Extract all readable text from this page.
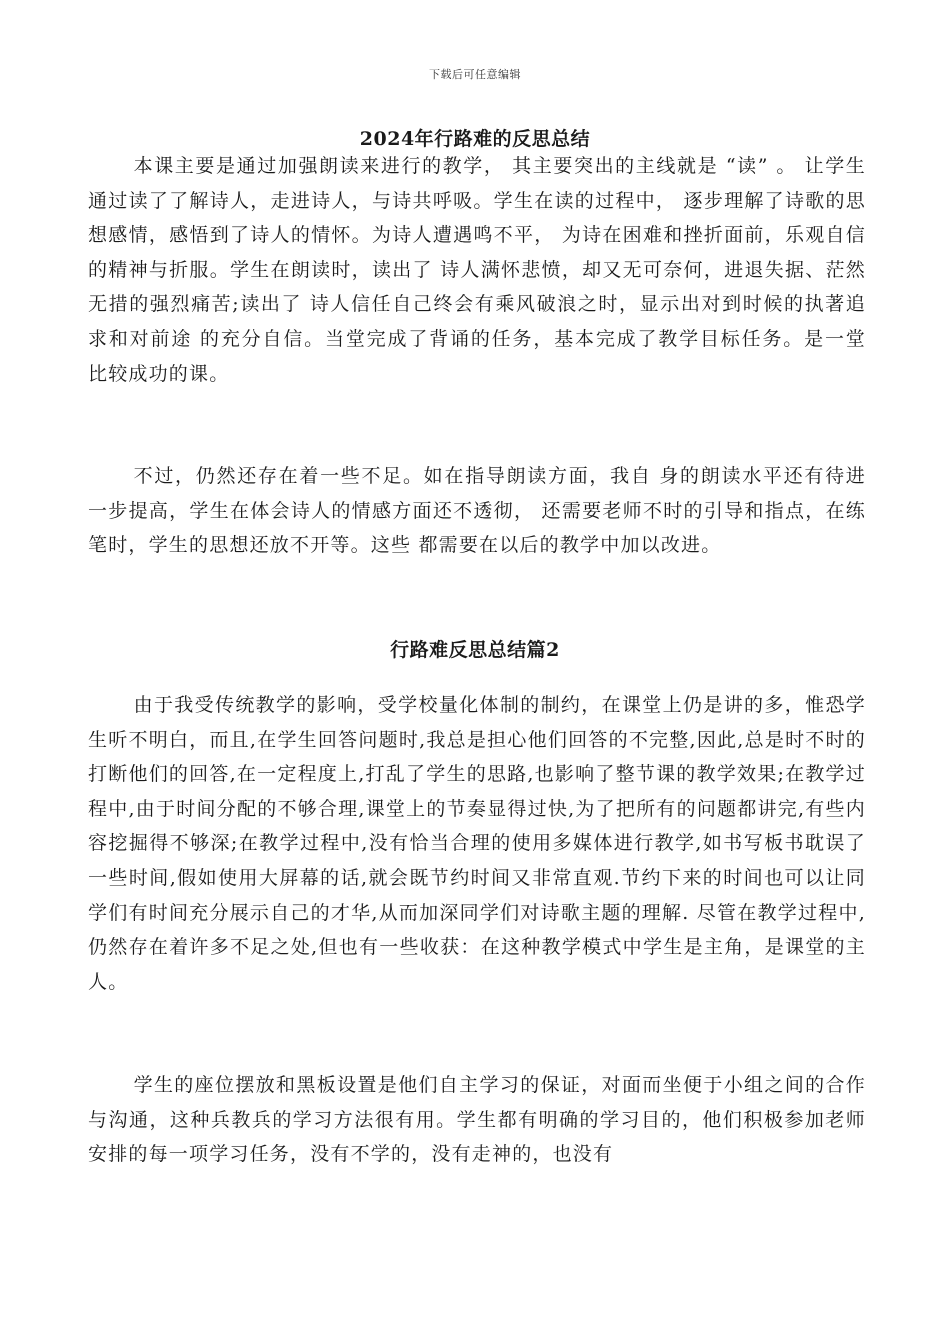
下载后可任意编辑
2024年行路难的反思总结

本课主要是通过加强朗读来进行的教学， 其主要突出的主线就是 “读” 。 让学生通过读了了解诗人，走进诗人，与诗共呼吸。学生在读的过程中， 逐步理解了诗歌的思想感情，感悟到了诗人的情怀。为诗人遭遇鸣不平， 为诗在困难和挫折面前，乐观自信的精神与折服。学生在朗读时，读出了 诗人满怀悲愤，却又无可奈何，进退失据、茫然无措的强烈痛苦;读出了 诗人信任自己终会有乘风破浪之时，显示出对到时候的执著追求和对前途 的充分自信。当堂完成了背诵的任务，基本完成了教学目标任务。是一堂 比较成功的课。

不过，仍然还存在着一些不足。如在指导朗读方面，我自 身的朗读水平还有待进一步提高，学生在体会诗人的情感方面还不透彻， 还需要老师不时的引导和指点，在练笔时，学生的思想还放不开等。这些 都需要在以后的教学中加以改进。

行路难反思总结篇2

由于我受传统教学的影响，受学校量化体制的制约，在课堂上仍是讲的多，惟恐学生听不明白，而且,在学生回答问题时,我总是担心他们回答的不完整,因此,总是时不时的打断他们的回答,在一定程度上,打乱了学生的思路,也影响了整节课的教学效果;在教学过程中,由于时间分配的不够合理,课堂上的节奏显得过快,为了把所有的问题都讲完,有些内容挖掘得不够深;在教学过程中,没有恰当合理的使用多媒体进行教学,如书写板书耽误了一些时间,假如使用大屏幕的话,就会既节约时间又非常直观.节约下来的时间也可以让同学们有时间充分展示自己的才华,从而加深同学们对诗歌主题的理解. 尽管在教学过程中,仍然存在着许多不足之处,但也有一些收获：在这种教学模式中学生是主角，是课堂的主人。

学生的座位摆放和黑板设置是他们自主学习的保证，对面而坐便于小组之间的合作与沟通，这种兵教兵的学习方法很有用。学生都有明确的学习目的，他们积极参加老师安排的每一项学习任务，没有不学的，没有走神的，也没有
